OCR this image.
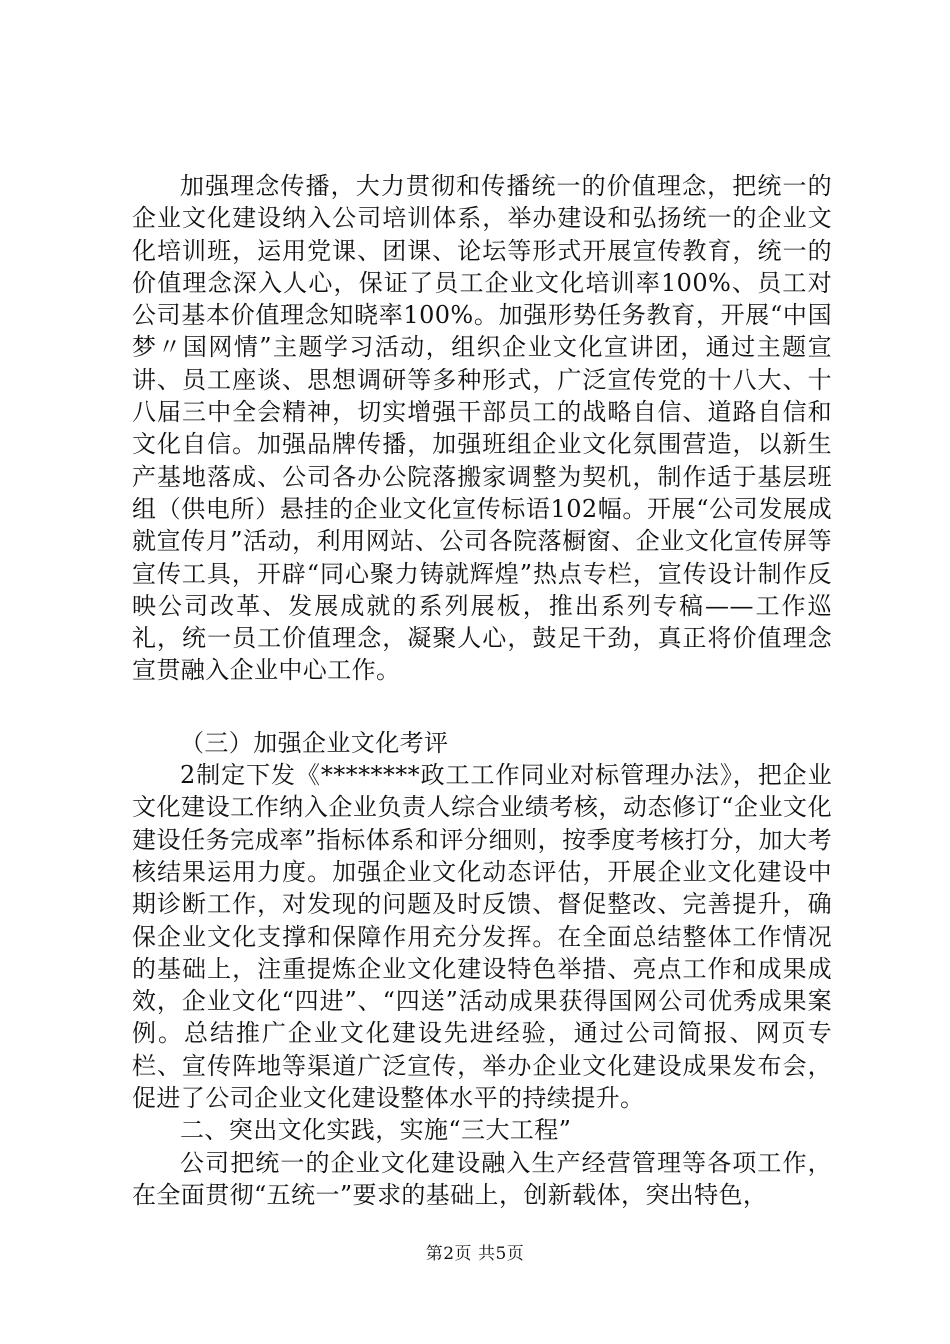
加强理念传播，大力贯彻和传播统一的价值理念，把统一的企业文化建设纳入公司培训体系，举办建设和弘扬统一的企业文化培训班，运用党课、团课、论坛等形式开展宣传教育，统一的价值理念深入人心，保证了员工企业文化培训率100%、员工对公司基本价值理念知晓率100%。加强形势任务教育，开展“中国梦〃国网情”主题学习活动，组织企业文化宣讲团，通过主题宣讲、员工座谈、思想调研等多种形式，广泛宣传党的十八大、十八届三中全会精神，切实增强干部员工的战略自信、道路自信和文化自信。加强品牌传播，加强班组企业文化氛围营造，以新生产基地落成、公司各办公院落搬家调整为契机，制作适于基层班组（供电所）悬挂的企业文化宣传标语102幅。开展“公司发展成就宣传月”活动，利用网站、公司各院落橱窗、企业文化宣传屏等宣传工具，开辟“同心聚力铸就辉煌”热点专栏，宣传设计制作反映公司改革、发展成就的系列展板，推出系列专稿——工作巡礼，统一员工价值理念，凝聚人心，鼓足干劲，真正将价值理念宣贯融入企业中心工作。

（三）加强企业文化考评

2制定下发《********政工工作同业对标管理办法》，把企业文化建设工作纳入企业负责人综合业绩考核，动态修订“企业文化建设任务完成率”指标体系和评分细则，按季度考核打分，加大考核结果运用力度。加强企业文化动态评估，开展企业文化建设中期诊断工作，对发现的问题及时反馈、督促整改、完善提升，确保企业文化支撑和保障作用充分发挥。在全面总结整体工作情况的基础上，注重提炼企业文化建设特色举措、亮点工作和成果成效，企业文化“四进”、“四送”活动成果获得国网公司优秀成果案例。总结推广企业文化建设先进经验，通过公司简报、网页专栏、宣传阵地等渠道广泛宣传，举办企业文化建设成果发布会，促进了公司企业文化建设整体水平的持续提升。

二、突出文化实践，实施“三大工程”

公司把统一的企业文化建设融入生产经营管理等各项工作，在全面贯彻“五统一”要求的基础上，创新载体，突出特色，

第2页 共5页
